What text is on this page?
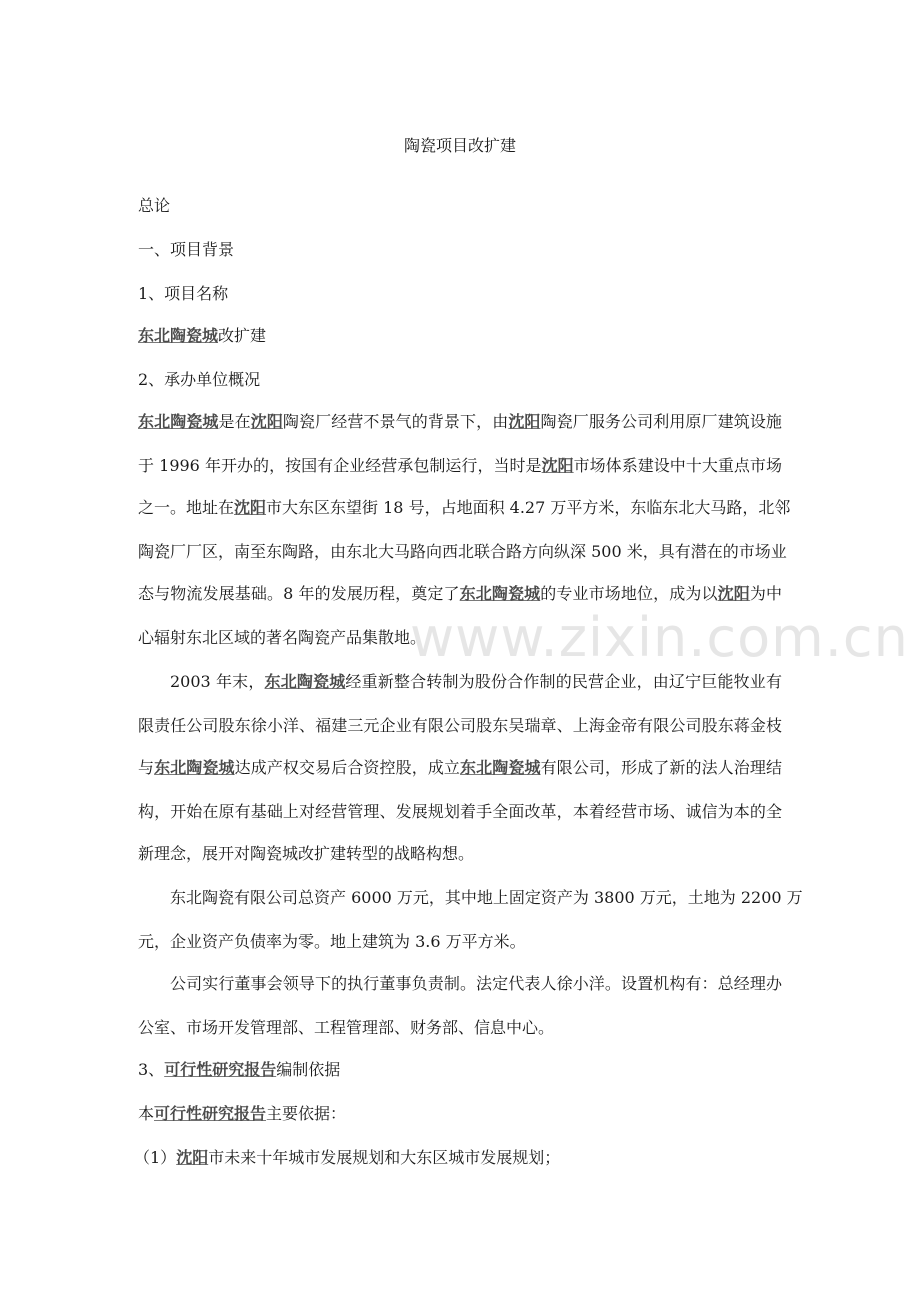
陶瓷项目改扩建
总论
一、项目背景
1、项目名称
东北陶瓷城改扩建
2、承办单位概况
东北陶瓷城是在沈阳陶瓷厂经营不景气的背景下，由沈阳陶瓷厂服务公司利用原厂建筑设施
于 1996 年开办的，按国有企业经营承包制运行，当时是沈阳市场体系建设中十大重点市场
之一。地址在沈阳市大东区东望街 18 号，占地面积 4.27 万平方米，东临东北大马路，北邻
陶瓷厂厂区，南至东陶路，由东北大马路向西北联合路方向纵深 500 米，具有潜在的市场业
态与物流发展基础。8 年的发展历程，奠定了东北陶瓷城的专业市场地位，成为以沈阳为中
心辐射东北区域的著名陶瓷产品集散地。
2003 年末，东北陶瓷城经重新整合转制为股份合作制的民营企业，由辽宁巨能牧业有
限责任公司股东徐小洋、福建三元企业有限公司股东吴瑞章、上海金帝有限公司股东蒋金枝
与东北陶瓷城达成产权交易后合资控股，成立东北陶瓷城有限公司，形成了新的法人治理结
构，开始在原有基础上对经营管理、发展规划着手全面改革，本着经营市场、诚信为本的全
新理念，展开对陶瓷城改扩建转型的战略构想。
东北陶瓷有限公司总资产 6000 万元，其中地上固定资产为 3800 万元，土地为 2200 万
元，企业资产负债率为零。地上建筑为 3.6 万平方米。
公司实行董事会领导下的执行董事负责制。法定代表人徐小洋。设置机构有：总经理办
公室、市场开发管理部、工程管理部、财务部、信息中心。
3、可行性研究报告编制依据
本可行性研究报告主要依据：
（1）沈阳市未来十年城市发展规划和大东区城市发展规划；
www.zixin.com.cn
